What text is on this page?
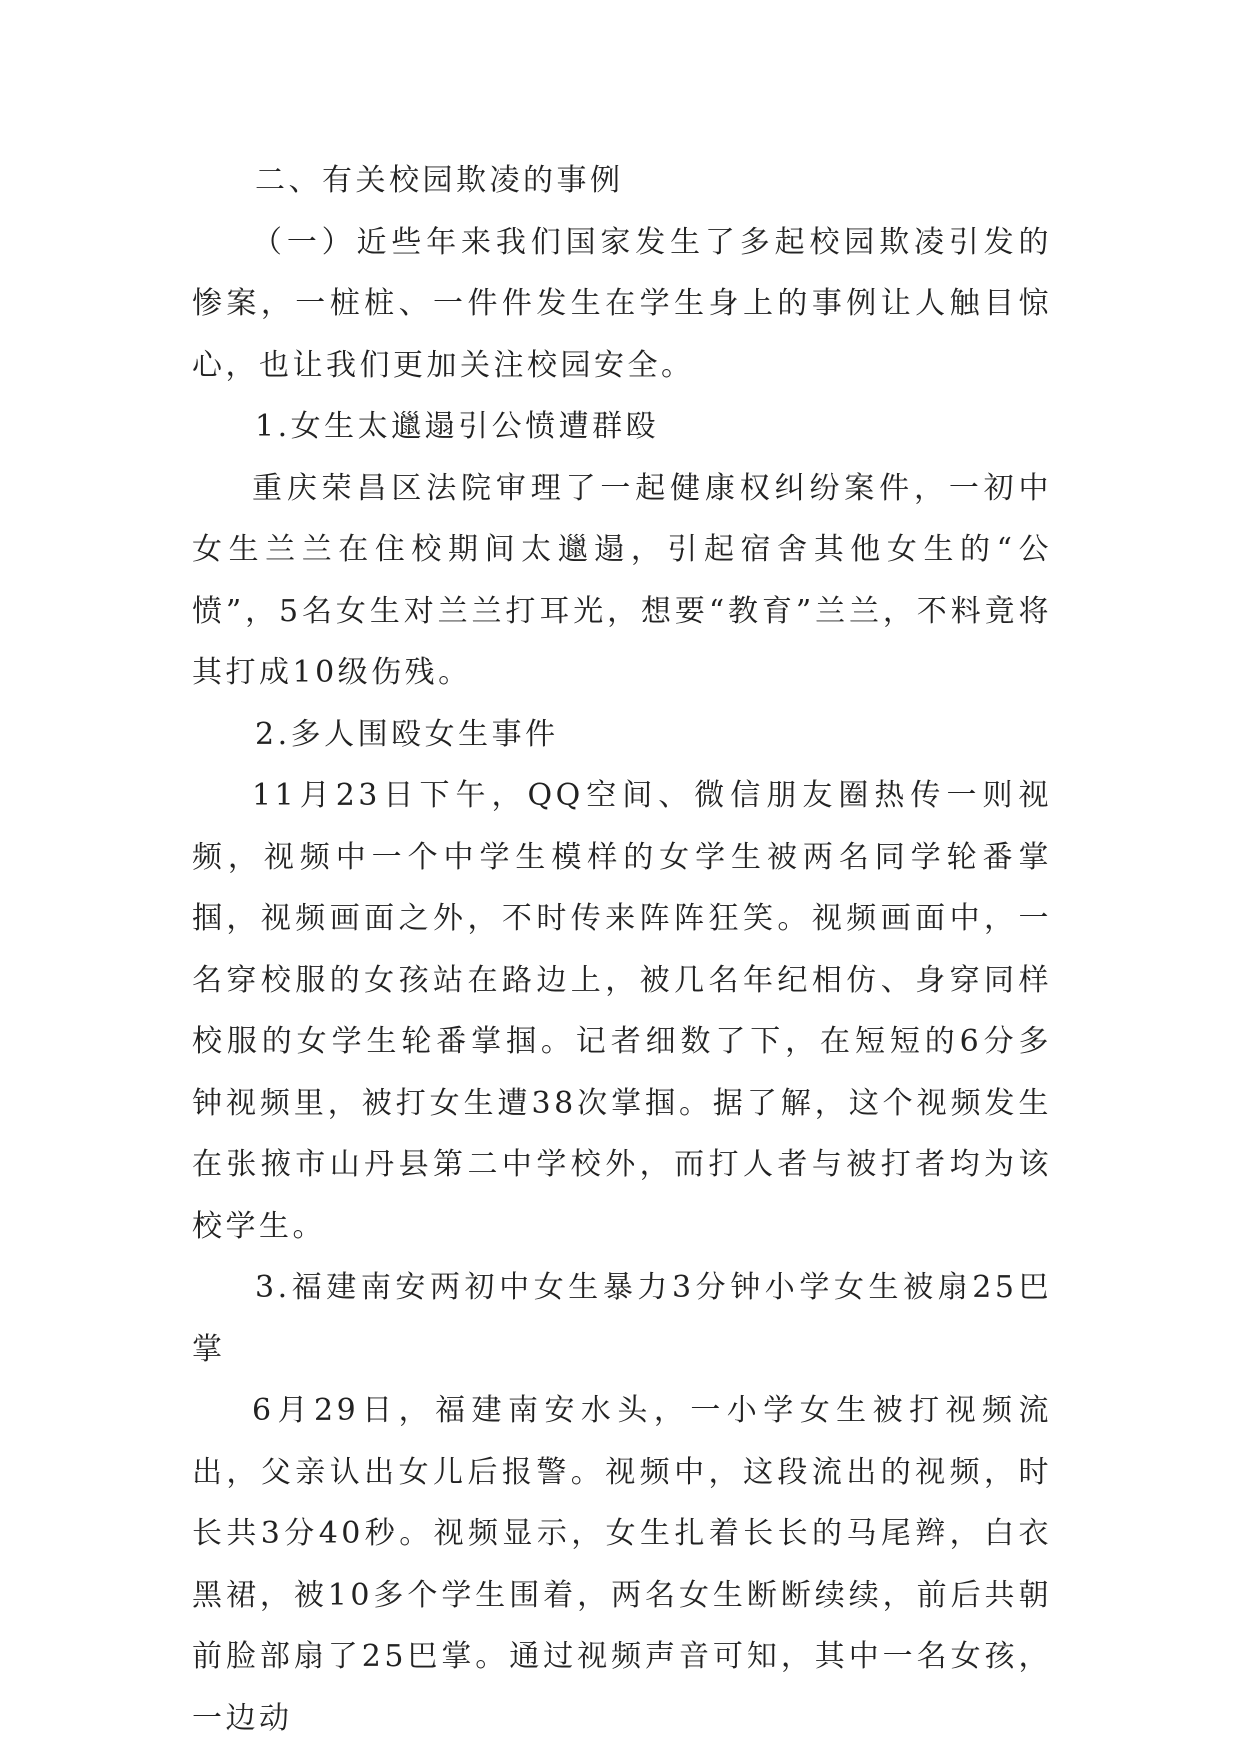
二、有关校园欺凌的事例

（一）近些年来我们国家发生了多起校园欺凌引发的惨案，一桩桩、一件件发生在学生身上的事例让人触目惊心，也让我们更加关注校园安全。

1.女生太邋遢引公愤遭群殴

重庆荣昌区法院审理了一起健康权纠纷案件，一初中女生兰兰在住校期间太邋遢，引起宿舍其他女生的“公愤”，5名女生对兰兰打耳光，想要“教育”兰兰，不料竟将其打成10级伤残。

2.多人围殴女生事件

11月23日下午，QQ空间、微信朋友圈热传一则视频，视频中一个中学生模样的女学生被两名同学轮番掌掴，视频画面之外，不时传来阵阵狂笑。视频画面中，一名穿校服的女孩站在路边上，被几名年纪相仿、身穿同样校服的女学生轮番掌掴。记者细数了下，在短短的6分多钟视频里，被打女生遭38次掌掴。据了解，这个视频发生在张掖市山丹县第二中学校外，而打人者与被打者均为该校学生。

3.福建南安两初中女生暴力3分钟小学女生被扇25巴掌

6月29日，福建南安水头，一小学女生被打视频流出，父亲认出女儿后报警。视频中，这段流出的视频，时长共3分40秒。视频显示，女生扎着长长的马尾辫，白衣黑裙，被10多个学生围着，两名女生断断续续，前后共朝前脸部扇了25巴掌。通过视频声音可知，其中一名女孩，一边动
